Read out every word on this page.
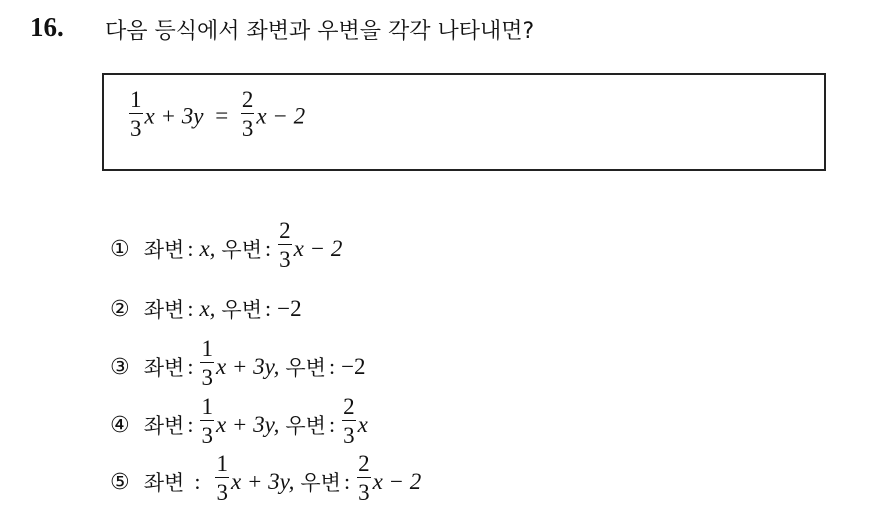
16. 다음 등식에서 좌변과 우변을 각각 나타내면?
$\frac{1}{3}$ $x + 3y = \frac{2}{3}$ x − 2
① 좌변 : x, 우변 : $\frac{2}{3}$ x − 2
② 좌변 : x, 우변 : −2
③ 좌변 : $\frac{1}{3}$ x + 3y, 우변 : −2
④ 좌변 : $\frac{1}{3}$ x + 3y, 우변 : $\frac{2}{3}$ x
⑤ 좌변 : $\frac{1}{3}$ x + 3y, 우변 : $\frac{2}{3}$ x − 2
